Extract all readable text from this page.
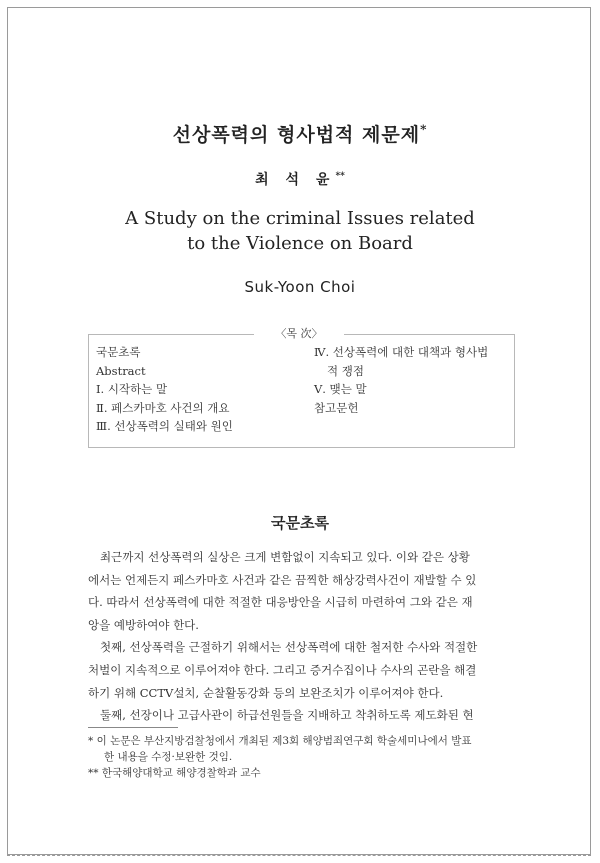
선상폭력의 형사법적 제문제*
최 석 윤**
A Study on the criminal Issues related
to the Violence on Board
Suk-Yoon Choi
〈목 次〉
국문초록
Abstract
Ⅰ. 시작하는 말
Ⅱ. 페스카마호 사건의 개요
Ⅲ. 선상폭력의 실태와 원인
Ⅳ. 선상폭력에 대한 대책과 형사법
적 쟁점
Ⅴ. 맺는 말
참고문헌
국문초록
최근까지 선상폭력의 실상은 크게 변함없이 지속되고 있다. 이와 같은 상황
에서는 언제든지 페스카마호 사건과 같은 끔찍한 해상강력사건이 재발할 수 있
다. 따라서 선상폭력에 대한 적절한 대응방안을 시급히 마련하여 그와 같은 재
앙을 예방하여야 한다.
첫째, 선상폭력을 근절하기 위해서는 선상폭력에 대한 철저한 수사와 적절한
처벌이 지속적으로 이루어져야 한다. 그리고 증거수집이나 수사의 곤란을 해결
하기 위해 CCTV설치, 순찰활동강화 등의 보완조치가 이루어져야 한다.
둘째, 선장이나 고급사관이 하급선원들을 지배하고 착취하도록 제도화된 현
* 이 논문은 부산지방검찰청에서 개최된 제3회 해양범죄연구회 학술세미나에서 발표
한 내용을 수정·보완한 것임.
** 한국해양대학교 해양경찰학과 교수
